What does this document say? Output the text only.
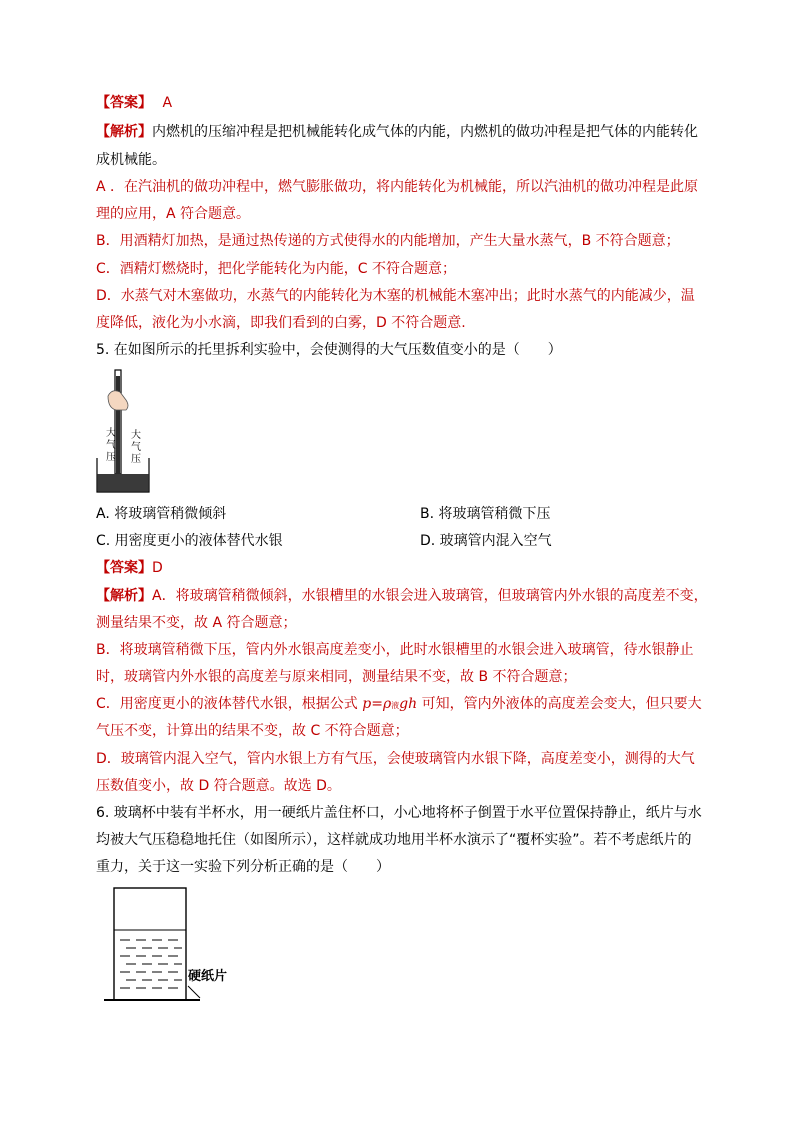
【答案】 A
【解析】内燃机的压缩冲程是把机械能转化成气体的内能，内燃机的做功冲程是把气体的内能转化
成机械能。
A ．在汽油机的做功冲程中，燃气膨胀做功，将内能转化为机械能，所以汽油机的做功冲程是此原
理的应用，A 符合题意。
B．用酒精灯加热，是通过热传递的方式使得水的内能增加，产生大量水蒸气，B 不符合题意；
C．酒精灯燃烧时，把化学能转化为内能，C 不符合题意；
D．水蒸气对木塞做功，水蒸气的内能转化为木塞的机械能木塞冲出；此时水蒸气的内能减少，温
度降低，液化为小水滴，即我们看到的白雾，D 不符合题意.
5. 在如图所示的托里拆利实验中，会使测得的大气压数值变小的是（　　）
大气压
大气压
A. 将玻璃管稍微倾斜	B. 将玻璃管稍微下压
C. 用密度更小的液体替代水银	D. 玻璃管内混入空气
【答案】D
【解析】A．将玻璃管稍微倾斜，水银槽里的水银会进入玻璃管，但玻璃管内外水银的高度差不变，
测量结果不变，故 A 符合题意；
B．将玻璃管稍微下压，管内外水银高度差变小，此时水银槽里的水银会进入玻璃管，待水银静止
时，玻璃管内外水银的高度差与原来相同，测量结果不变，故 B 不符合题意；
C．用密度更小的液体替代水银，根据公式 p=ρ液gh 可知，管内外液体的高度差会变大，但只要大
气压不变，计算出的结果不变，故 C 不符合题意；
D．玻璃管内混入空气，管内水银上方有气压，会使玻璃管内水银下降，高度差变小，测得的大气
压数值变小，故 D 符合题意。故选 D。
6. 玻璃杯中装有半杯水，用一硬纸片盖住杯口，小心地将杯子倒置于水平位置保持静止，纸片与水
均被大气压稳稳地托住（如图所示），这样就成功地用半杯水演示了“覆杯实验”。若不考虑纸片的
重力，关于这一实验下列分析正确的是（　　）
硬纸片
